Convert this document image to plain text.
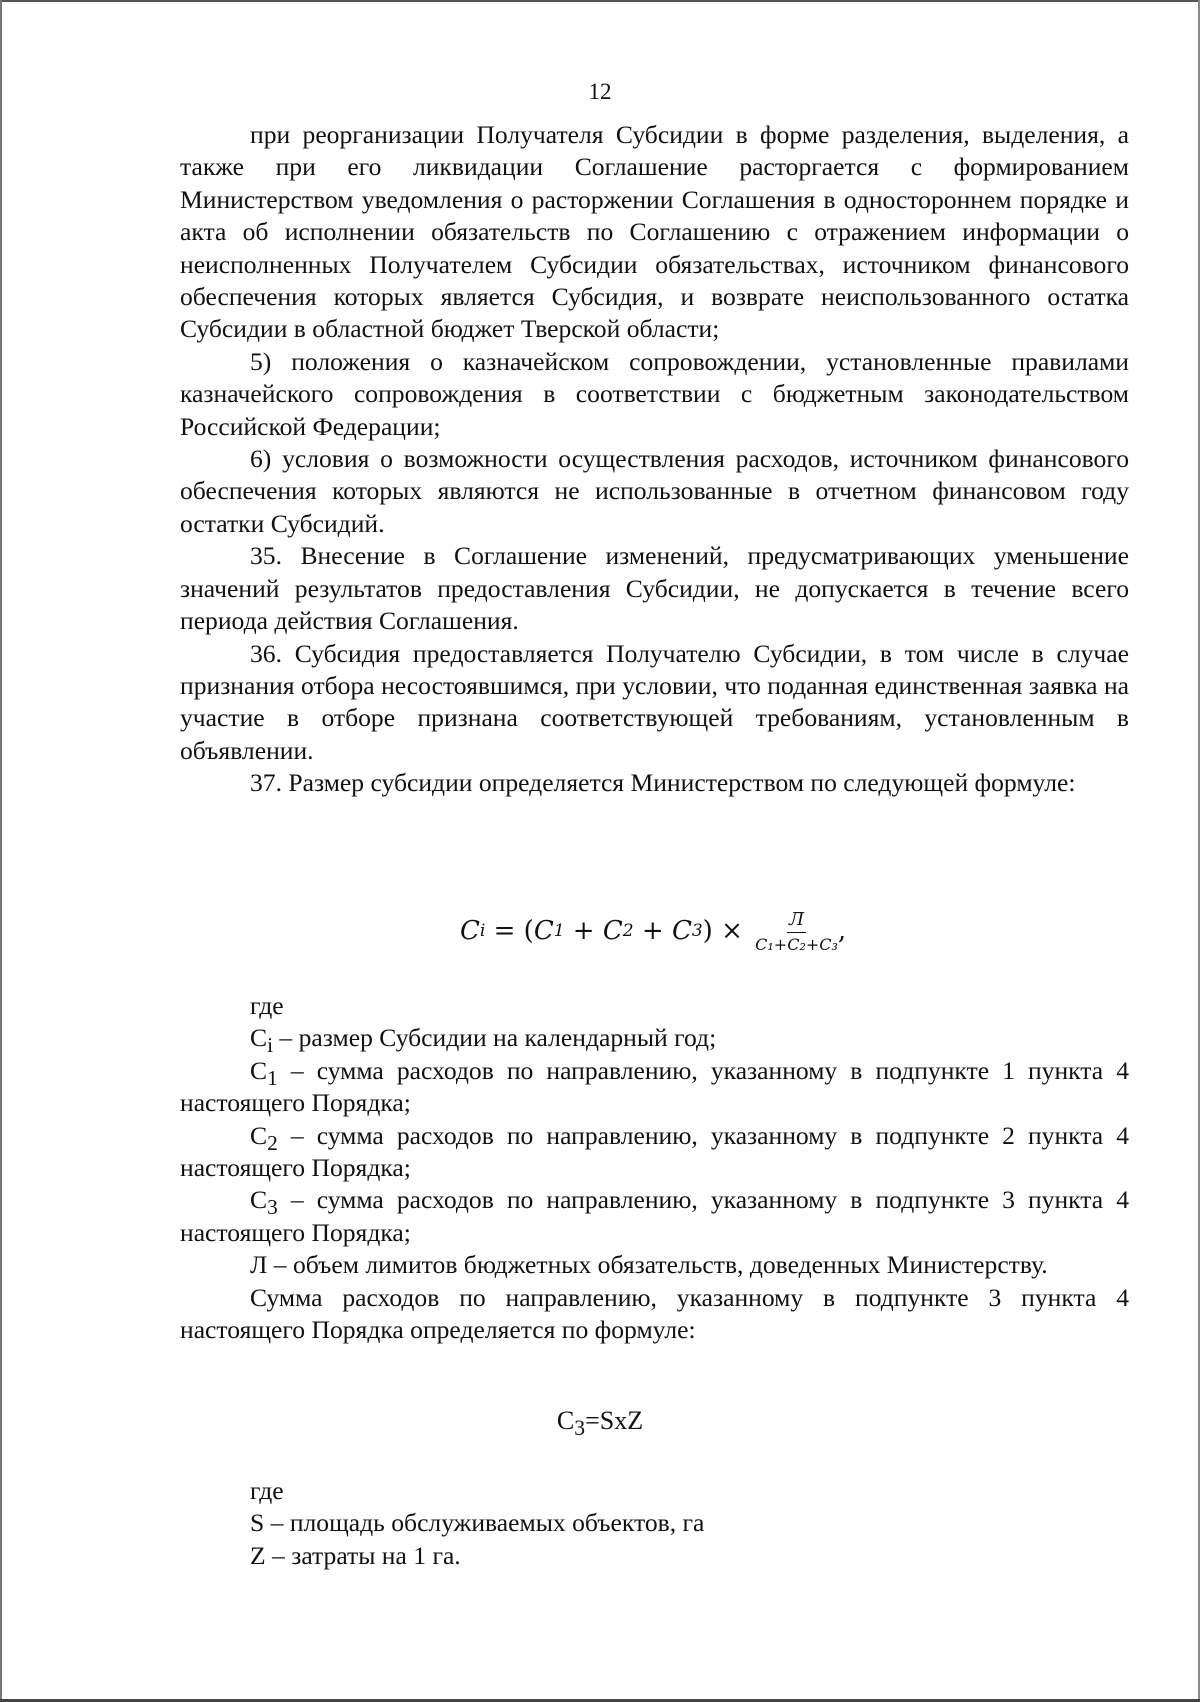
12

при реорганизации Получателя Субсидии в форме разделения, выделения, а также при его ликвидации Соглашение расторгается с формированием Министерством уведомления о расторжении Соглашения в одностороннем порядке и акта об исполнении обязательств по Соглашению с отражением информации о неисполненных Получателем Субсидии обязательствах, источником финансового обеспечения которых является Субсидия, и возврате неиспользованного остатка Субсидии в областной бюджет Тверской области;

5) положения о казначейском сопровождении, установленные правилами казначейского сопровождения в соответствии с бюджетным законодательством Российской Федерации;

6) условия о возможности осуществления расходов, источником финансового обеспечения которых являются не использованные в отчетном финансовом году остатки Субсидий.

35. Внесение в Соглашение изменений, предусматривающих уменьшение значений результатов предоставления Субсидии, не допускается в течение всего периода действия Соглашения.

36. Субсидия предоставляется Получателю Субсидии, в том числе в случае признания отбора несостоявшимся, при условии, что поданная единственная заявка на участие в отборе признана соответствующей требованиям, установленным в объявлении.

37. Размер субсидии определяется Министерством по следующей формуле:

C i = ( C 1 + C 2 + C 3 ) × $\frac{Л}{\text{C₁+C₂+C₃}}$ ,

где

$C_i$ – размер Субсидии на календарный год;

$C_1$ – сумма расходов по направлению, указанному в подпункте 1 пункта 4 настоящего Порядка;

$C_2$ – сумма расходов по направлению, указанному в подпункте 2 пункта 4 настоящего Порядка;

$C_3$ – сумма расходов по направлению, указанному в подпункте 3 пункта 4 настоящего Порядка;

Л – объем лимитов бюджетных обязательств, доведенных Министерству.

Сумма расходов по направлению, указанному в подпункте 3 пункта 4 настоящего Порядка определяется по формуле:

$C_3=SxZ$

где

S – площадь обслуживаемых объектов, га

Z – затраты на 1 га.
